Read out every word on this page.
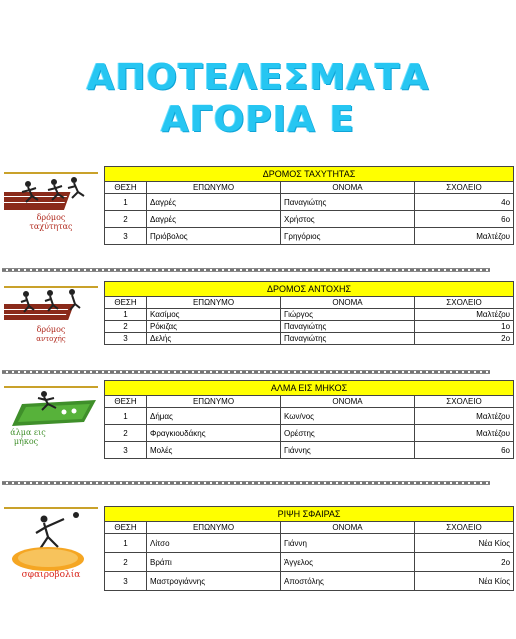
ΑΠΟΤΕΛΕΣΜΑΤΑ
ΑΓΟΡΙΑ Ε
δρόμος
ταχύτητας
ΔΡΟΜΟΣ ΤΑΧΥΤΗΤΑΣ			
ΘΕΣΗ	ΕΠΩΝΥΜΟ	ΟΝΟΜΑ	ΣΧΟΛΕΙΟ
1	Δαγρές	Παναγιώτης	4ο
2	Δαγρές	Χρήστος	6ο
3	Πριόβολος	Γρηγόριος	Μαλτέζου
δρόμος
αντοχής
ΔΡΟΜΟΣ ΑΝΤΟΧΗΣ			
ΘΕΣΗ	ΕΠΩΝΥΜΟ	ΟΝΟΜΑ	ΣΧΟΛΕΙΟ
1	Κασίμος	Γιώργος	Μαλτέζου
2	Ρόκιζας	Παναγιώτης	1ο
3	Δελής	Παναγιώτης	2ο
άλμα εις
μήκος
ΑΛΜΑ ΕΙΣ ΜΗΚΟΣ			
ΘΕΣΗ	ΕΠΩΝΥΜΟ	ΟΝΟΜΑ	ΣΧΟΛΕΙΟ
1	Δήμας	Κων/νος	Μαλτέζου
2	Φραγκιουδάκης	Ορέστης	Μαλτέζου
3	Μολές	Γιάννης	6ο
σφαιροβολία
ΡΙΨΗ ΣΦΑΙΡΑΣ			
ΘΕΣΗ	ΕΠΩΝΥΜΟ	ΟΝΟΜΑ	ΣΧΟΛΕΙΟ
1	Λίτσο	Γιάννη	Νέα Κίος
2	Βράπι	Άγγελος	2ο
3	Μαστρογιάννης	Αποστόλης	Νέα Κίος
